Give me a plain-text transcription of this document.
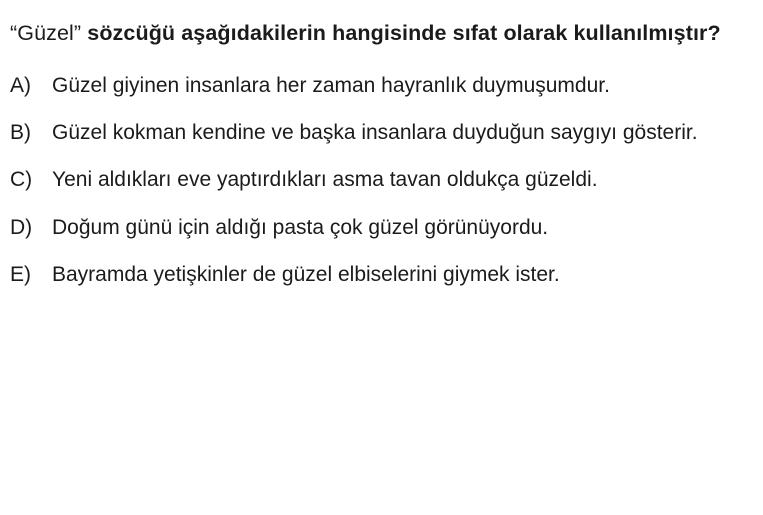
“Güzel” sözcüğü aşağıdakilerin hangisinde sıfat olarak kullanılmıştır?

A)	Güzel giyinen insanlara her zaman hayranlık duymuşumdur.
B)	Güzel kokman kendine ve başka insanlara duyduğun saygıyı gösterir.
C) Yeni aldıkları eve yaptırdıkları asma tavan oldukça güzeldi.
D) Doğum günü için aldığı pasta çok güzel görünüyordu.
E)	Bayramda yetişkinler de güzel elbiselerini giymek ister.
